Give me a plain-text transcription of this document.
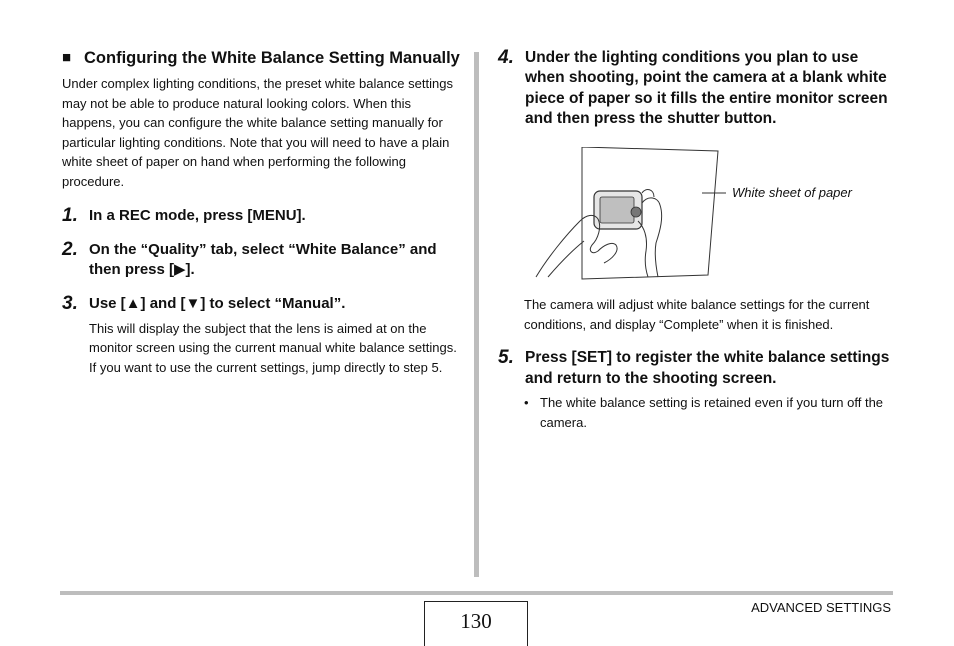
■ Configuring the White Balance Setting Manually
Under complex lighting conditions, the preset white balance settings may not be able to produce natural looking colors. When this happens, you can configure the white balance setting manually for particular lighting conditions. Note that you will need to have a plain white sheet of paper on hand when performing the following procedure.
1. In a REC mode, press [MENU].
2. On the “Quality” tab, select “White Balance” and then press [▶].
3. Use [▲] and [▼] to select “Manual”.
This will display the subject that the lens is aimed at on the monitor screen using the current manual white balance settings. If you want to use the current settings, jump directly to step 5.
4. Under the lighting conditions you plan to use when shooting, point the camera at a blank white piece of paper so it fills the entire monitor screen and then press the shutter button.
White sheet of paper
The camera will adjust white balance settings for the current conditions, and display “Complete” when it is finished.
5. Press [SET] to register the white balance settings and return to the shooting screen.
• The white balance setting is retained even if you turn off the camera.
130
ADVANCED SETTINGS
